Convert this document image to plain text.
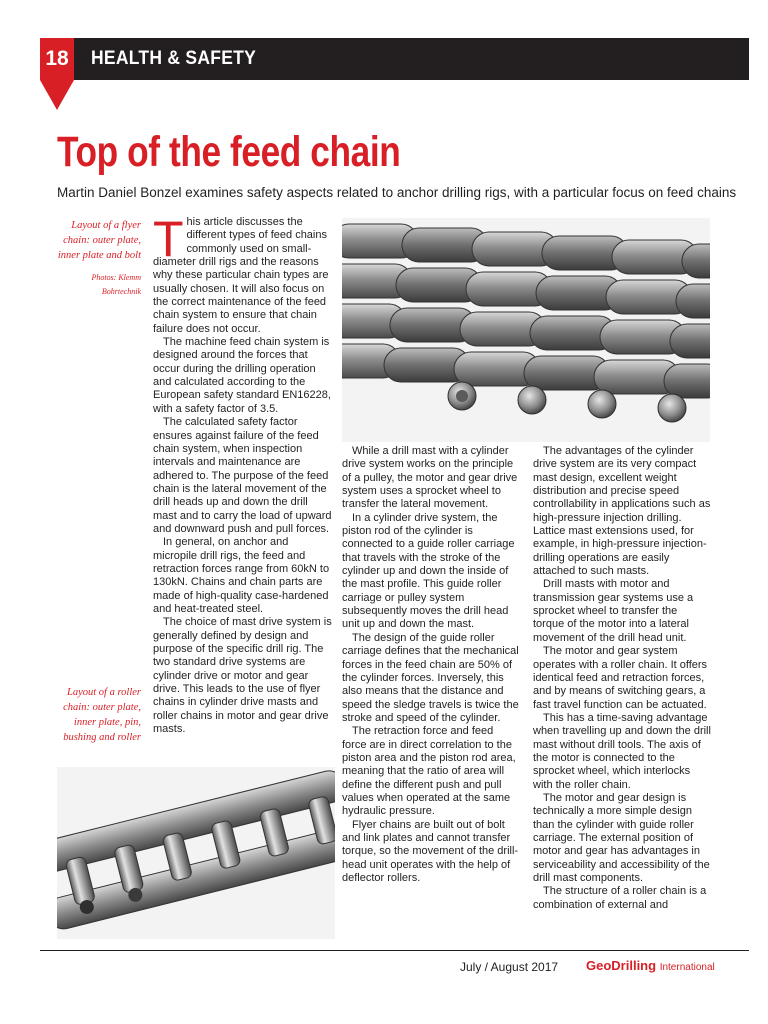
18 HEALTH & SAFETY
Top of the feed chain
Martin Daniel Bonzel examines safety aspects related to anchor drilling rigs, with a particular focus on feed chains
Layout of a flyer chain: outer plate, inner plate and bolt
Photos: Klemm Bohrtechnik
Layout of a roller chain: outer plate, inner plate, pin, bushing and roller

This article discusses the different types of feed chains commonly used on small-diameter drill rigs and the reasons why these particular chain types are usually chosen. It will also focus on the correct maintenance of the feed chain system to ensure that chain failure does not occur.

The machine feed chain system is designed around the forces that occur during the drilling operation and calculated according to the European safety standard EN16228, with a safety factor of 3.5.

The calculated safety factor ensures against failure of the feed chain system, when inspection intervals and maintenance are adhered to. The purpose of the feed chain is the lateral movement of the drill heads up and down the drill mast and to carry the load of upward and downward push and pull forces.

In general, on anchor and micropile drill rigs, the feed and retraction forces range from 60kN to 130kN. Chains and chain parts are made of high-quality case-hardened and heat-treated steel.

The choice of mast drive system is generally defined by design and purpose of the specific drill rig. The two standard drive systems are cylinder drive or motor and gear drive. This leads to the use of flyer chains in cylinder drive masts and roller chains in motor and gear drive masts.

While a drill mast with a cylinder drive system works on the principle of a pulley, the motor and gear drive system uses a sprocket wheel to transfer the lateral movement.

In a cylinder drive system, the piston rod of the cylinder is connected to a guide roller carriage that travels with the stroke of the cylinder up and down the inside of the mast profile. This guide roller carriage or pulley system subsequently moves the drill head unit up and down the mast.

The design of the guide roller carriage defines that the mechanical forces in the feed chain are 50% of the cylinder forces. Inversely, this also means that the distance and speed the sledge travels is twice the stroke and speed of the cylinder.

The retraction force and feed force are in direct correlation to the piston area and the piston rod area, meaning that the ratio of area will define the different push and pull values when operated at the same hydraulic pressure.

Flyer chains are built out of bolt and link plates and cannot transfer torque, so the movement of the drill-head unit operates with the help of deflector rollers.

The advantages of the cylinder drive system are its very compact mast design, excellent weight distribution and precise speed controllability in applications such as high-pressure injection drilling. Lattice mast extensions used, for example, in high-pressure injection-drilling operations are easily attached to such masts.

Drill masts with motor and transmission gear systems use a sprocket wheel to transfer the torque of the motor into a lateral movement of the drill head unit.

The motor and gear system operates with a roller chain. It offers identical feed and retraction forces, and by means of switching gears, a fast travel function can be actuated.

This has a time-saving advantage when travelling up and down the drill mast without drill tools. The axis of the motor is connected to the sprocket wheel, which interlocks with the roller chain.

The motor and gear design is technically a more simple design than the cylinder with guide roller carriage. The external position of motor and gear has advantages in serviceability and accessibility of the drill mast components.

The structure of a roller chain is a combination of external and

July / August 2017 GeoDrilling International
